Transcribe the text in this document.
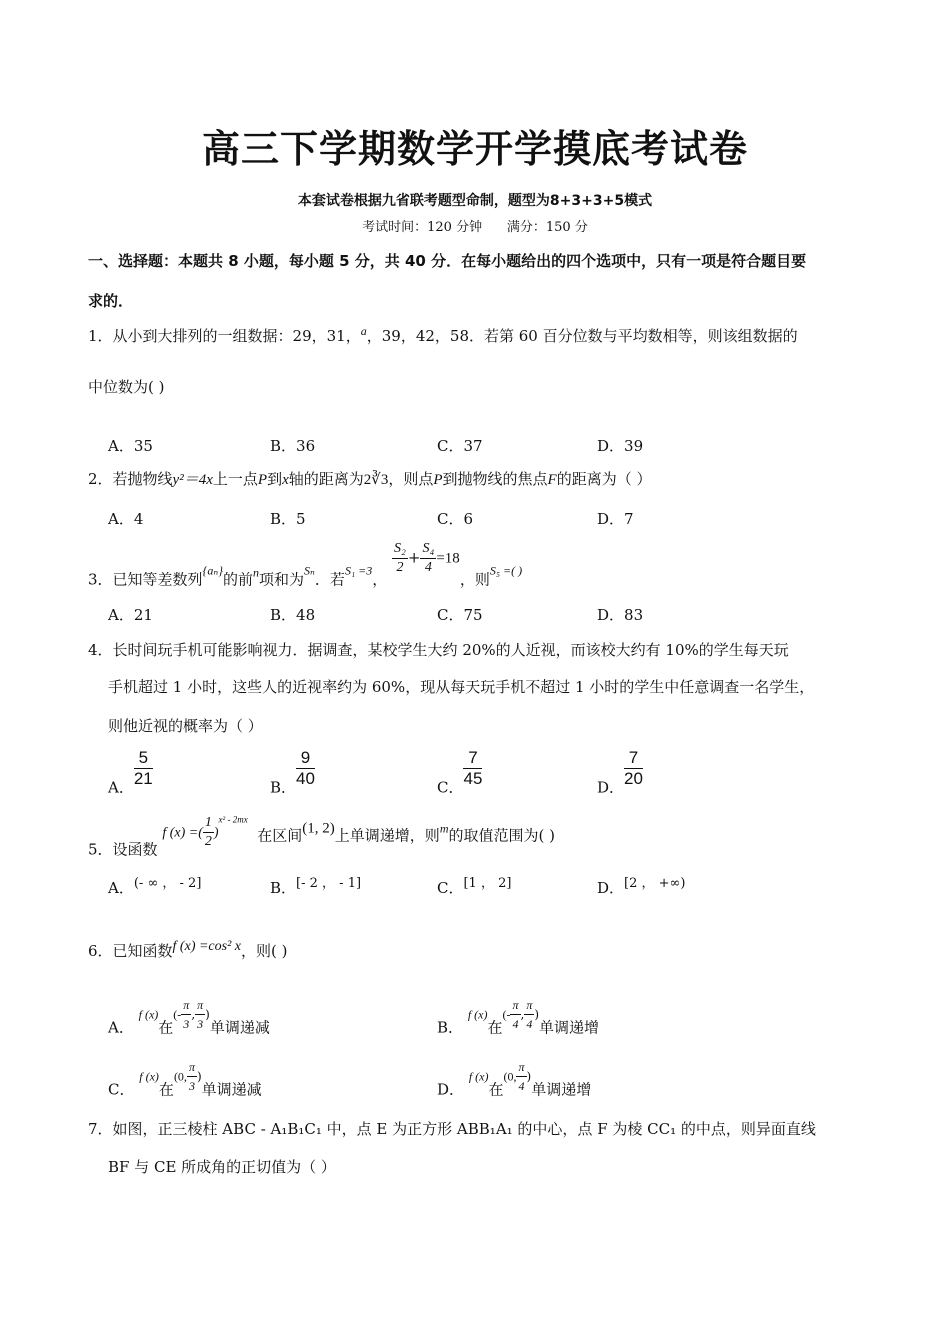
高三下学期数学开学摸底考试卷
本套试卷根据九省联考题型命制，题型为8+3+3+5模式
考试时间：120 分钟 满分：150 分
一、选择题：本题共 8 小题，每小题 5 分，共 40 分．在每小题给出的四个选项中，只有一项是符合题目要
求的．
1．从小到大排列的一组数据：29，31，$^a$，39，42，58．若第 60 百分位数与平均数相等，则该组数据的
中位数为( )
A．35	B．36	C．37	D．39
2．若抛物线y²＝4x上一点P到x轴的距离为2∛3，则点P到抛物线的焦点F的距离为（ ）
A．4	B．5	C．6	D．7
3．已知等差数列$_{\{a_n\}}$的前$_n$项和为$_{S_n}$．若$_{S_1 =3}$，
$\frac{\text{S₂}}{2} + \frac{\text{S₄}}{4} =18$，则$_{S_5 =( )}$
A．21	B．48	C．75	D．83
4．长时间玩手机可能影响视力．据调查，某校学生大约 20%的人近视，而该校大约有 10%的学生每天玩
手机超过 1 小时，这些人的近视率约为 60%，现从每天玩手机不超过 1 小时的学生中任意调查一名学生，
则他近视的概率为（ ）
A． $\frac{5}{21}$	B． $\frac{9}{40}$	C． $\frac{7}{45}$	D． $\frac{7}{20}$
5．设函数 f (x) =( $\frac{1}{2} )^{x^2 - 2mx}$  在区间(1, 2)上单调递增，则$^m$的取值范围为( )
A．$^{(- \infty , - 2]}$	B．[- 2 ， - 1]	C．[1 ， 2]	D．$^{[2 , +\infty)}$
6．已知函数f (x) =cos² x，则( )
A． f (x)在(- $\frac{\pi}{3}$ , $\frac{\pi}{3}$ )单调递减	B． f (x)在(- $\frac{\pi}{4}$ , $\frac{\pi}{4}$ )单调递增
C． f (x)在(0, $\frac{\pi}{3}$ )单调递减	D． f (x)在(0, $\frac{\pi}{4}$ )单调递增
7．如图，正三棱柱 ABC - A₁B₁C₁ 中，点 E 为正方形 ABB₁A₁ 的中心，点 F 为棱 CC₁ 的中点，则异面直线
BF 与 CE 所成角的正切值为（ ）
